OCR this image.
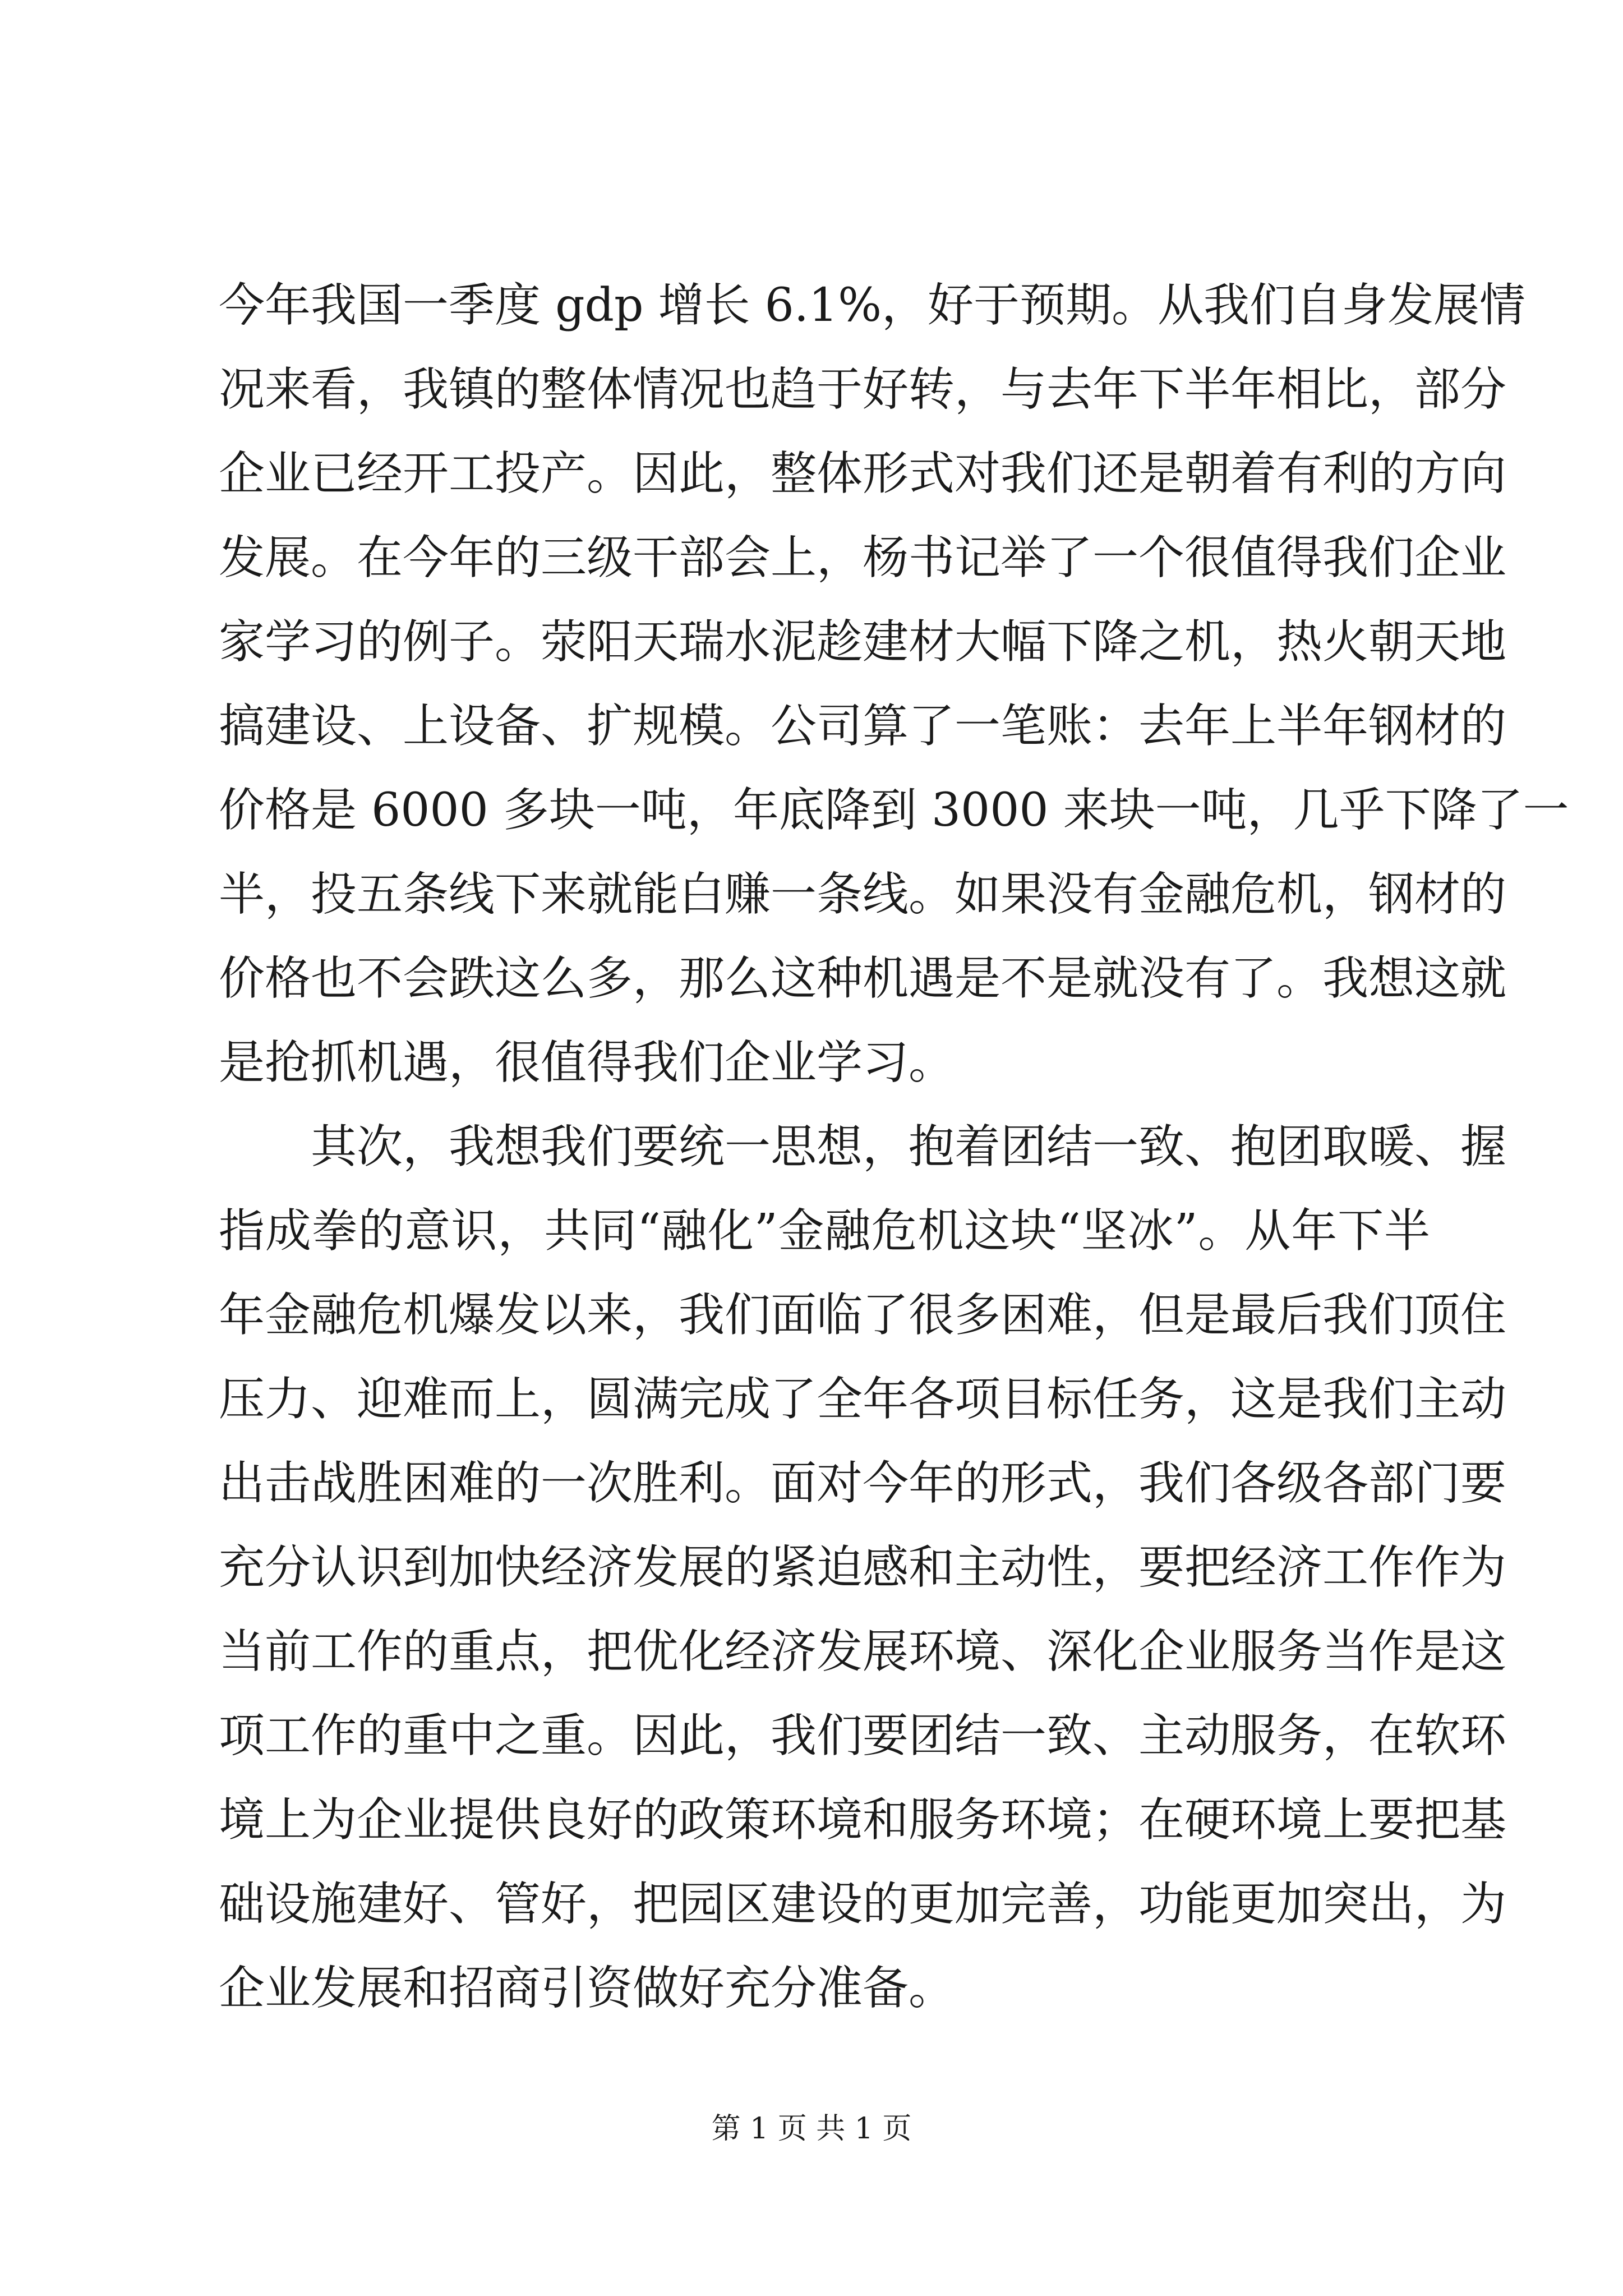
今年我国一季度 gdp 增长 6.1%，好于预期。从我们自身发展情
况来看，我镇的整体情况也趋于好转，与去年下半年相比，部分
企业已经开工投产。因此，整体形式对我们还是朝着有利的方向
发展。在今年的三级干部会上，杨书记举了一个很值得我们企业
家学习的例子。荥阳天瑞水泥趁建材大幅下降之机，热火朝天地
搞建设、上设备、扩规模。公司算了一笔账：去年上半年钢材的
价格是 6000 多块一吨，年底降到 3000 来块一吨，几乎下降了一
半，投五条线下来就能白赚一条线。如果没有金融危机，钢材的
价格也不会跌这么多，那么这种机遇是不是就没有了。我想这就
是抢抓机遇，很值得我们企业学习。
其次，我想我们要统一思想，抱着团结一致、抱团取暖、握
指成拳的意识，共同“融化”金融危机这块“坚冰”。从年下半
年金融危机爆发以来，我们面临了很多困难，但是最后我们顶住
压力、迎难而上，圆满完成了全年各项目标任务，这是我们主动
出击战胜困难的一次胜利。面对今年的形式，我们各级各部门要
充分认识到加快经济发展的紧迫感和主动性，要把经济工作作为
当前工作的重点，把优化经济发展环境、深化企业服务当作是这
项工作的重中之重。因此，我们要团结一致、主动服务，在软环
境上为企业提供良好的政策环境和服务环境；在硬环境上要把基
础设施建好、管好，把园区建设的更加完善，功能更加突出，为
企业发展和招商引资做好充分准备。
第 1 页 共 1 页
